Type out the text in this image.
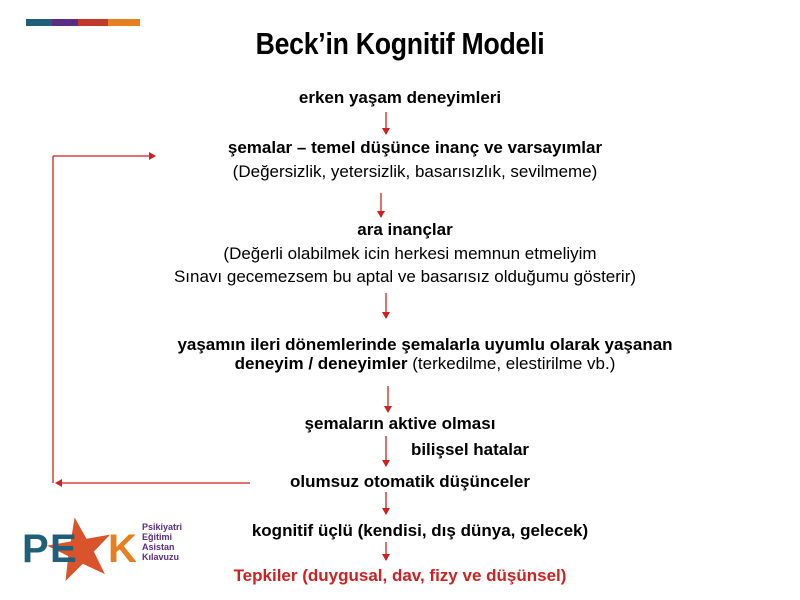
Beck’in Kognitif Modeli
erken yaşam deneyimleri
şemalar – temel düşünce inanç ve varsayımlar
(Değersizlik, yetersizlik, basarısızlık, sevilmeme)
ara inançlar
(Değerli olabilmek icin herkesi memnun etmeliyim
Sınavı gecemezsem bu aptal ve basarısız olduğumu gösterir)
yaşamın ileri dönemlerinde şemalarla uyumlu olarak yaşanan
deneyim / deneyimler (terkedilme, elestirilme vb.)
şemaların aktive olması
bilişsel hatalar
olumsuz otomatik düşünceler
kognitif üçlü (kendisi, dış dünya, gelecek)
Tepkiler (duygusal, dav, fizy ve düşünsel)
P E K Psikiyatri
Eğitimi
Asistan
Kılavuzu
